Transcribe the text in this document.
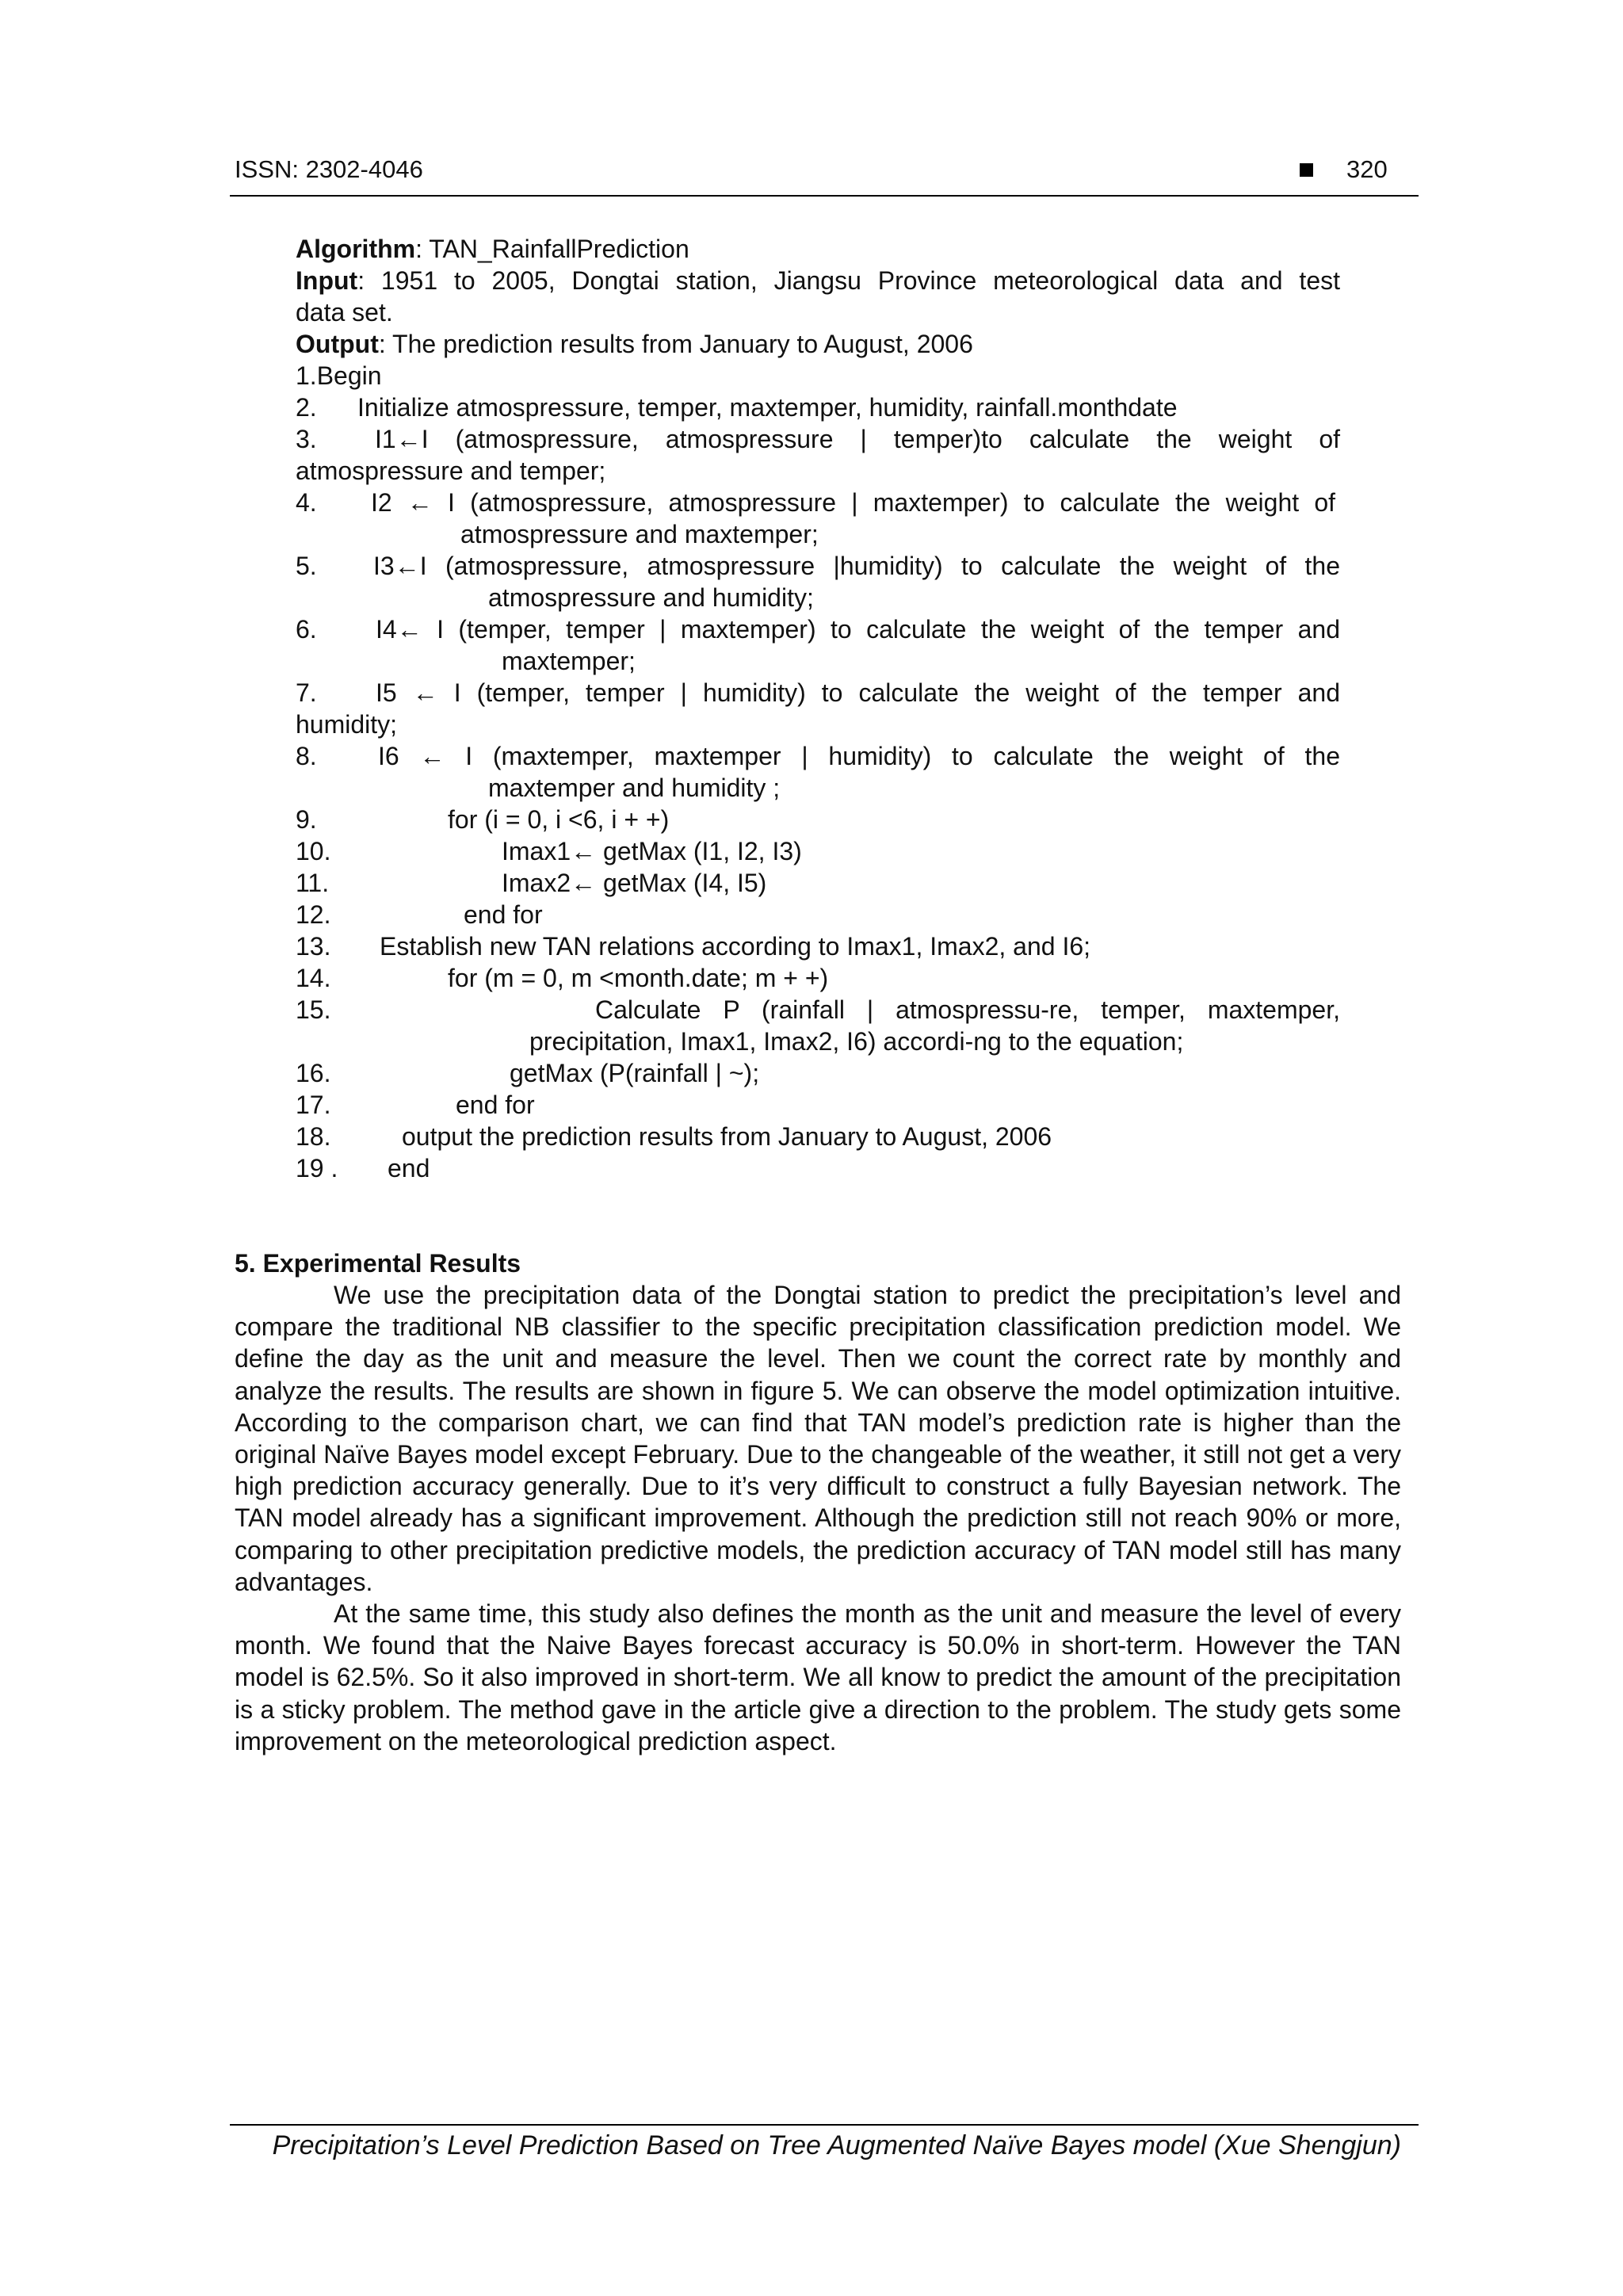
ISSN: 2302-4046	320
Algorithm: TAN_RainfallPrediction
Input: 1951 to 2005, Dongtai station, Jiangsu Province meteorological data and test
data set.
Output: The prediction results from January to August, 2006
1.Begin
2. Initialize atmospressure, temper, maxtemper, humidity, rainfall.monthdate
3. I1←I (atmospressure, atmospressure | temper)to calculate the weight of
atmospressure and temper;
4. I2 ← I (atmospressure, atmospressure | maxtemper) to calculate the weight of
atmospressure and maxtemper;
5. I3←I (atmospressure, atmospressure |humidity) to calculate the weight of the
atmospressure and humidity;
6. I4← I (temper, temper | maxtemper) to calculate the weight of the temper and
maxtemper;
7. I5 ← I (temper, temper | humidity) to calculate the weight of the temper and
humidity;
8. I6 ← I (maxtemper, maxtemper | humidity) to calculate the weight of the
maxtemper and humidity ;
9.	for (i = 0, i <6, i + +)
10.	Imax1← getMax (I1, I2, I3)
11.	Imax2← getMax (I4, I5)
12.	end for
13. Establish new TAN relations according to Imax1, Imax2, and I6;
14.	for (m = 0, m <month.date; m + +)
15.	Calculate P (rainfall | atmospressu-re, temper, maxtemper,
precipitation, Imax1, Imax2, I6) accordi-ng to the equation;
16.	getMax (P(rainfall | ~);
17.	end for
18.	output the prediction results from January to August, 2006
19 . end
5. Experimental Results

We use the precipitation data of the Dongtai station to predict the precipitation’s level and compare the traditional NB classifier to the specific precipitation classification prediction model. We define the day as the unit and measure the level. Then we count the correct rate by monthly and analyze the results. The results are shown in figure 5. We can observe the model optimization intuitive. According to the comparison chart, we can find that TAN model’s prediction rate is higher than the original Naïve Bayes model except February. Due to the changeable of the weather, it still not get a very high prediction accuracy generally. Due to it’s very difficult to construct a fully Bayesian network. The TAN model already has a significant improvement. Although the prediction still not reach 90% or more, comparing to other precipitation predictive models, the prediction accuracy of TAN model still has many advantages.

At the same time, this study also defines the month as the unit and measure the level of every month. We found that the Naive Bayes forecast accuracy is 50.0% in short-term. However the TAN model is 62.5%. So it also improved in short-term. We all know to predict the amount of the precipitation is a sticky problem. The method gave in the article give a direction to the problem. The study gets some improvement on the meteorological prediction aspect.

Precipitation’s Level Prediction Based on Tree Augmented Naïve Bayes model (Xue Shengjun)
